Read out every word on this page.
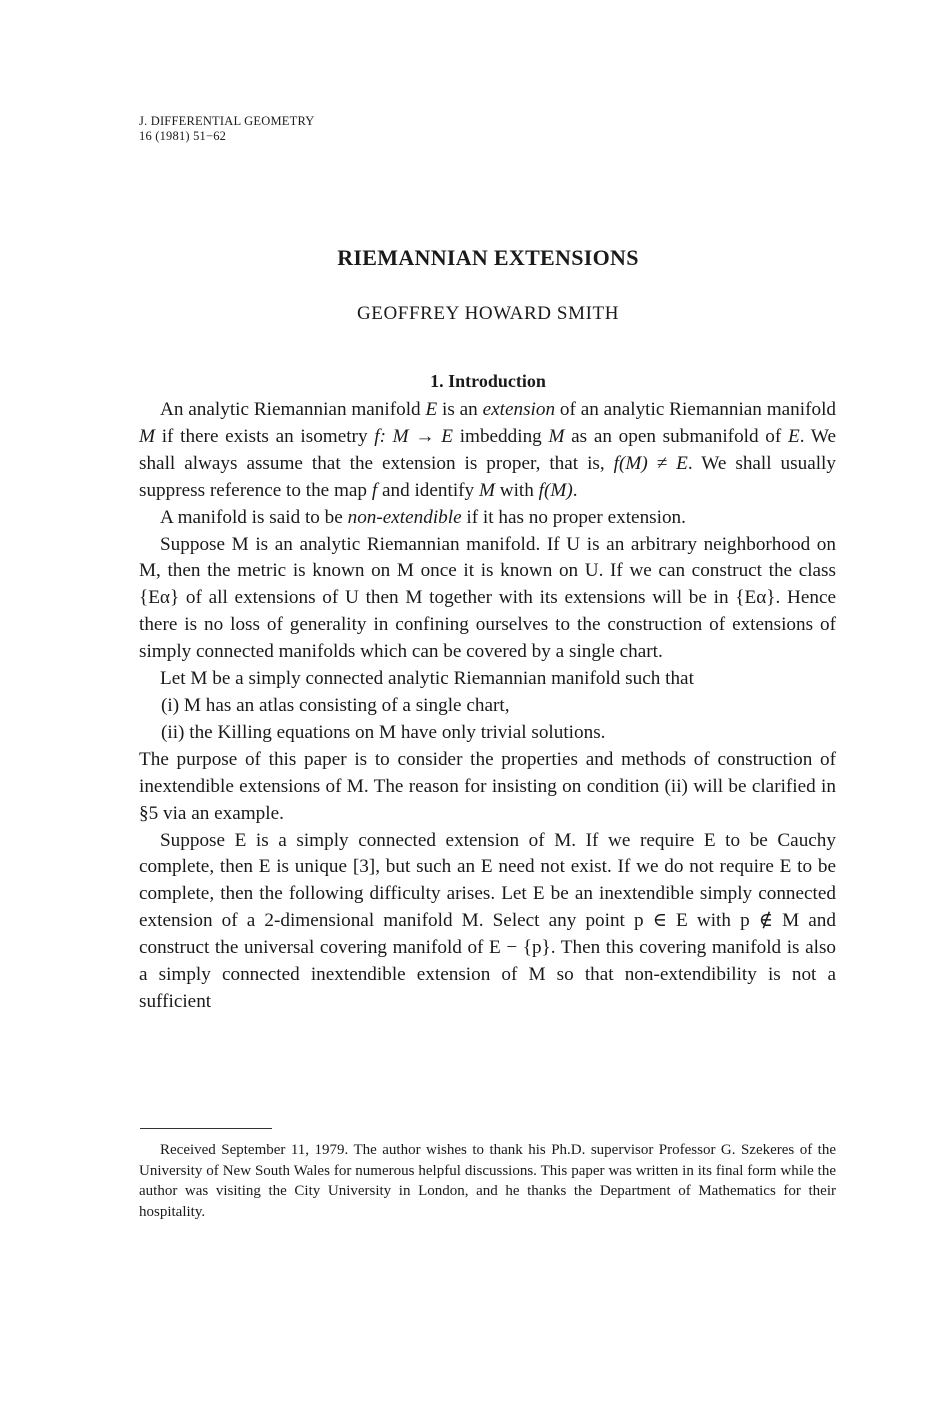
J. DIFFERENTIAL GEOMETRY
16 (1981) 51−62
RIEMANNIAN EXTENSIONS
GEOFFREY HOWARD SMITH
1. Introduction

An analytic Riemannian manifold E is an extension of an analytic Riemannian manifold M if there exists an isometry f: M → E imbedding M as an open submanifold of E. We shall always assume that the extension is proper, that is, f(M) ≠ E. We shall usually suppress reference to the map f and identify M with f(M).

A manifold is said to be non-extendible if it has no proper extension.

Suppose M is an analytic Riemannian manifold. If U is an arbitrary neighborhood on M, then the metric is known on M once it is known on U. If we can construct the class {Eα} of all extensions of U then M together with its extensions will be in {Eα}. Hence there is no loss of generality in confining ourselves to the construction of extensions of simply connected manifolds which can be covered by a single chart.

Let M be a simply connected analytic Riemannian manifold such that

(i) M has an atlas consisting of a single chart,

(ii) the Killing equations on M have only trivial solutions.

The purpose of this paper is to consider the properties and methods of construction of inextendible extensions of M. The reason for insisting on condition (ii) will be clarified in §5 via an example.

Suppose E is a simply connected extension of M. If we require E to be Cauchy complete, then E is unique [3], but such an E need not exist. If we do not require E to be complete, then the following difficulty arises. Let E be an inextendible simply connected extension of a 2-dimensional manifold M. Select any point p ∈ E with p ∉ M and construct the universal covering manifold of E − {p}. Then this covering manifold is also a simply connected inextendible extension of M so that non-extendibility is not a sufficient

Received September 11, 1979. The author wishes to thank his Ph.D. supervisor Professor G. Szekeres of the University of New South Wales for numerous helpful discussions. This paper was written in its final form while the author was visiting the City University in London, and he thanks the Department of Mathematics for their hospitality.
